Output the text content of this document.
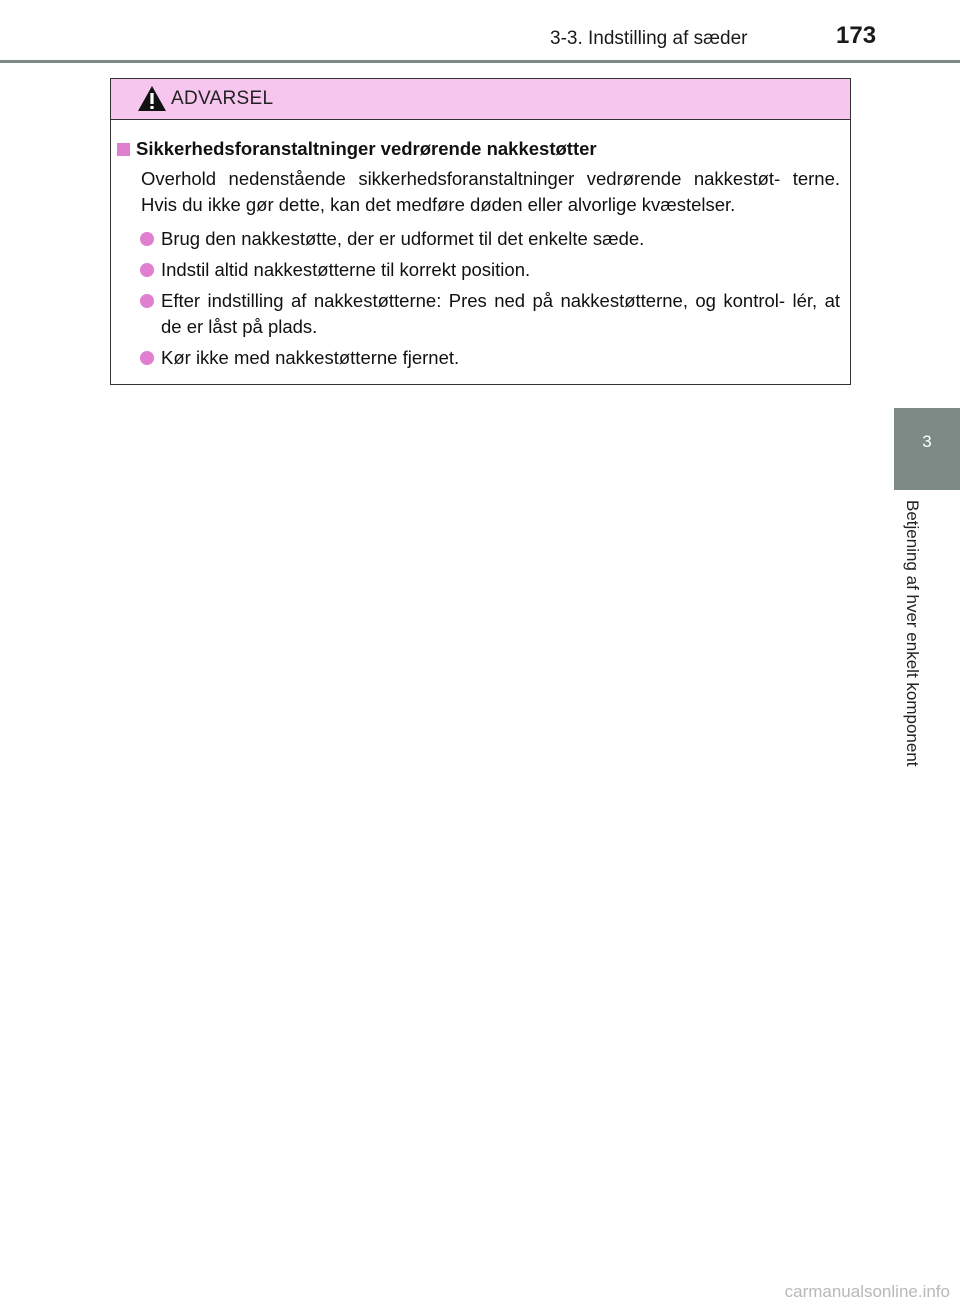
3-3. Indstilling af sæder	173
3
Betjening af hver enkelt komponent
ADVARSEL
Sikkerhedsforanstaltninger vedrørende nakkestøtter
Overhold nedenstående sikkerhedsforanstaltninger vedrørende nakkestøt- terne. Hvis du ikke gør dette, kan det medføre døden eller alvorlige kvæstelser.
Brug den nakkestøtte, der er udformet til det enkelte sæde.
Indstil altid nakkestøtterne til korrekt position.
Efter indstilling af nakkestøtterne: Pres ned på nakkestøtterne, og kontrol- lér, at de er låst på plads.
Kør ikke med nakkestøtterne fjernet.
carmanualsonline.info
